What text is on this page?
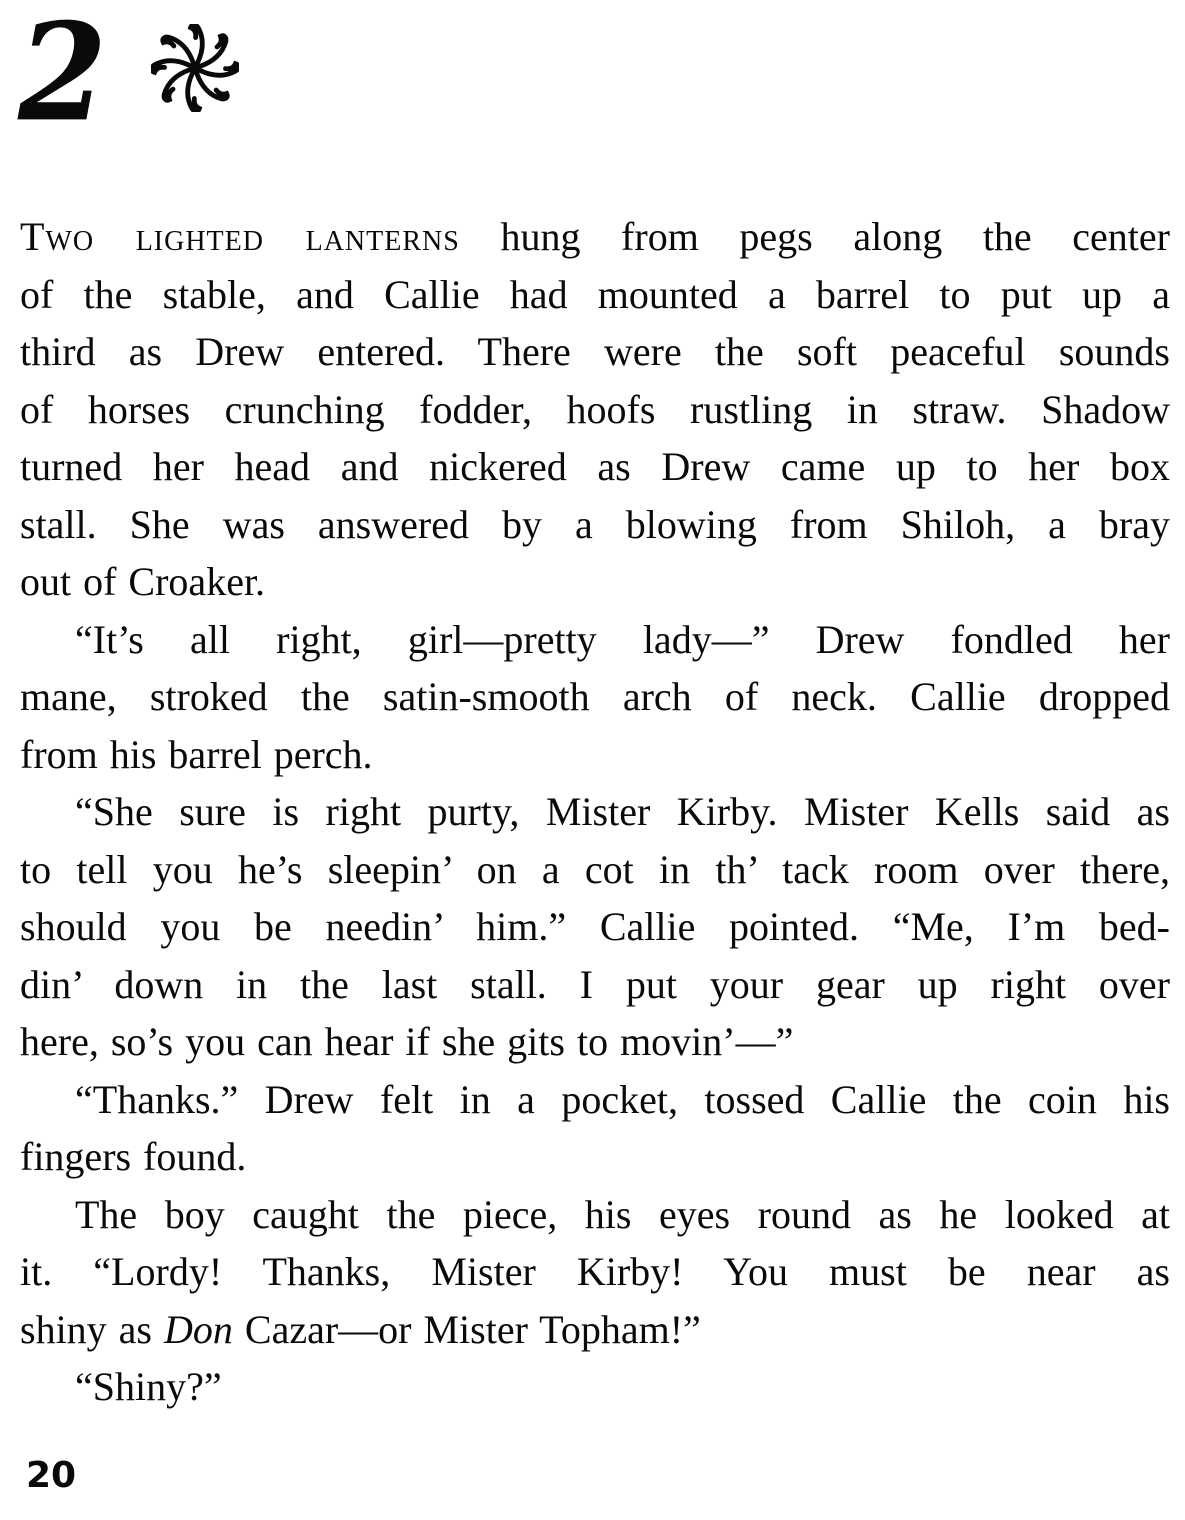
2
Two lighted lanterns hung from pegs along the center
of the stable, and Callie had mounted a barrel to put up a
third as Drew entered. There were the soft peaceful sounds
of horses crunching fodder, hoofs rustling in straw. Shadow
turned her head and nickered as Drew came up to her box
stall. She was answered by a blowing from Shiloh, a bray
out of Croaker.
“It’s all right, girl—pretty lady—” Drew fondled her
mane, stroked the satin-smooth arch of neck. Callie dropped
from his barrel perch.
“She sure is right purty, Mister Kirby. Mister Kells said as
to tell you he’s sleepin’ on a cot in th’ tack room over there,
should you be needin’ him.” Callie pointed. “Me, I’m bed-
din’ down in the last stall. I put your gear up right over
here, so’s you can hear if she gits to movin’—”
“Thanks.” Drew felt in a pocket, tossed Callie the coin his
fingers found.
The boy caught the piece, his eyes round as he looked at
it. “Lordy! Thanks, Mister Kirby! You must be near as
shiny as Don Cazar—or Mister Topham!”
“Shiny?”
20
